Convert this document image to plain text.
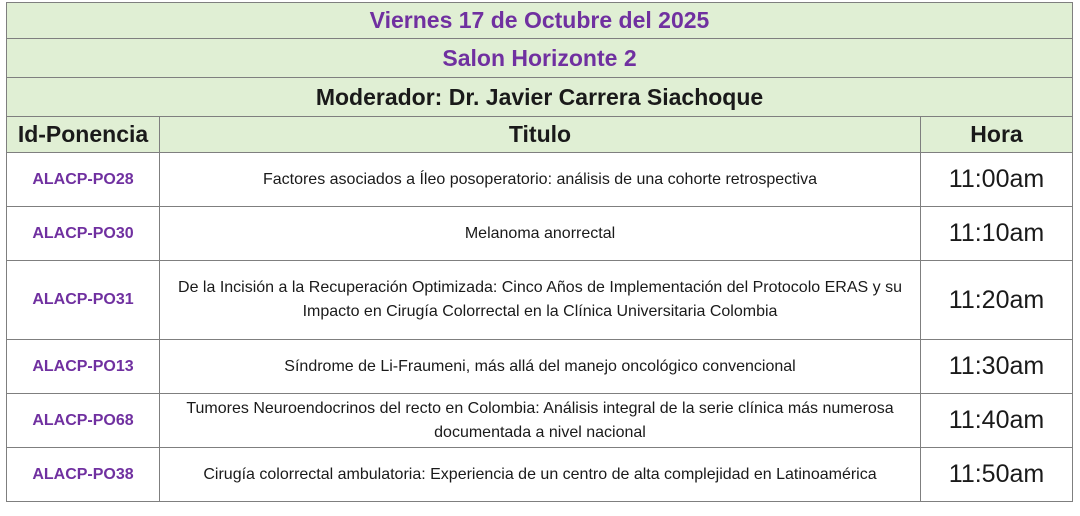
Viernes 17 de Octubre del 2025		
Salon Horizonte 2		
Moderador: Dr. Javier Carrera Siachoque		
Id-Ponencia	Titulo	Hora
ALACP-PO28	Factores asociados a Íleo posoperatorio: análisis de una cohorte retrospectiva	11:00am
ALACP-PO30	Melanoma anorrectal	11:10am
ALACP-PO31	De la Incisión a la Recuperación Optimizada: Cinco Años de Implementación del Protocolo ERAS y su Impacto en Cirugía Colorrectal en la Clínica Universitaria Colombia	11:20am
ALACP-PO13	Síndrome de Li-Fraumeni, más allá del manejo oncológico convencional	11:30am
ALACP-PO68	Tumores Neuroendocrinos del recto en Colombia: Análisis integral de la serie clínica más numerosa documentada a nivel nacional	11:40am
ALACP-PO38	Cirugía colorrectal ambulatoria: Experiencia de un centro de alta complejidad en Latinoamérica	11:50am
